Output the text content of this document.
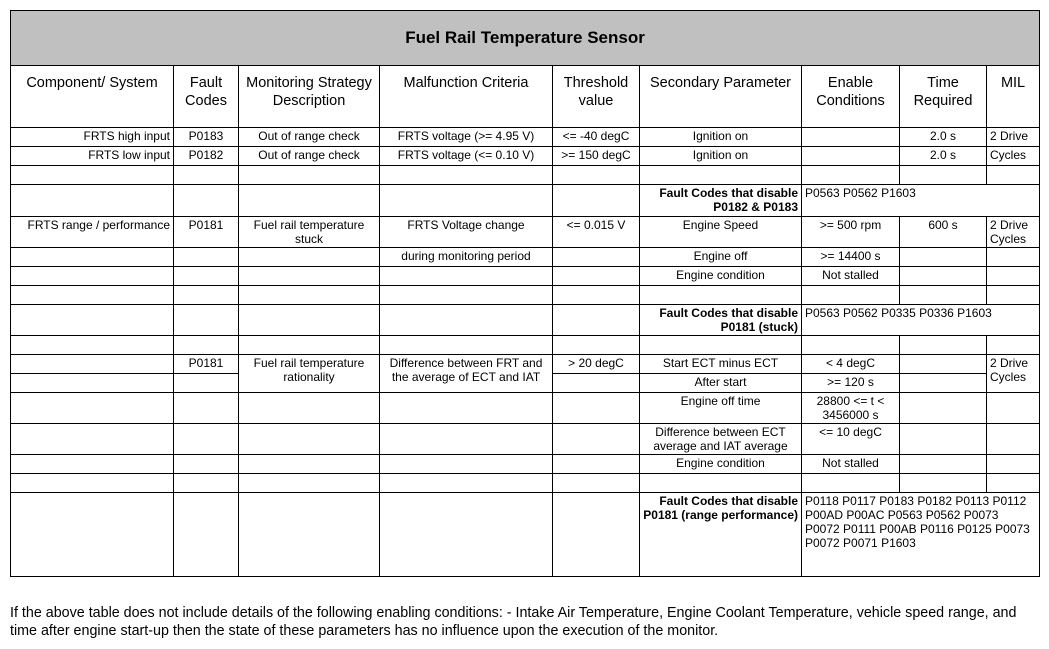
Fuel Rail Temperature Sensor								
Component/ System	Fault Codes	Monitoring Strategy Description	Malfunction Criteria	Threshold value	Secondary Parameter	Enable Conditions	Time Required	MIL
FRTS high input	P0183	Out of range check	FRTS voltage (>= 4.95 V)	<= -40 degC	Ignition on		2.0 s	2 Drive
FRTS low input	P0182	Out of range check	FRTS voltage (<= 0.10 V)	>= 150 degC	Ignition on		2.0 s	Cycles

					Fault Codes that disable P0182 & P0183	P0563 P0562 P1603		
FRTS range / performance	P0181	Fuel rail temperature stuck	FRTS Voltage change	<= 0.015 V	Engine Speed	>= 500 rpm	600 s	2 Drive Cycles
			during monitoring period		Engine off	>= 14400 s		
					Engine condition	Not stalled		

					Fault Codes that disable P0181 (stuck)	P0563 P0562 P0335 P0336 P1603		

	P0181	Fuel rail temperature rationality	Difference between FRT and the average of ECT and IAT	> 20 degC	Start ECT minus ECT	< 4 degC		2 Drive Cycles
					After start	>= 120 s		
					Engine off time	28800 <= t < 3456000 s		
					Difference between ECT average and IAT average	<= 10 degC		
					Engine condition	Not stalled		

					Fault Codes that disable P0181 (range performance)	P0118 P0117 P0183 P0182 P0113 P0112 P00AD P00AC P0563 P0562 P0073 P0072 P0111 P00AB P0116 P0125 P0073 P0072 P0071 P1603		
If the above table does not include details of the following enabling conditions: - Intake Air Temperature, Engine Coolant Temperature, vehicle speed range, and time after engine start-up then the state of these parameters has no influence upon the execution of the monitor.
